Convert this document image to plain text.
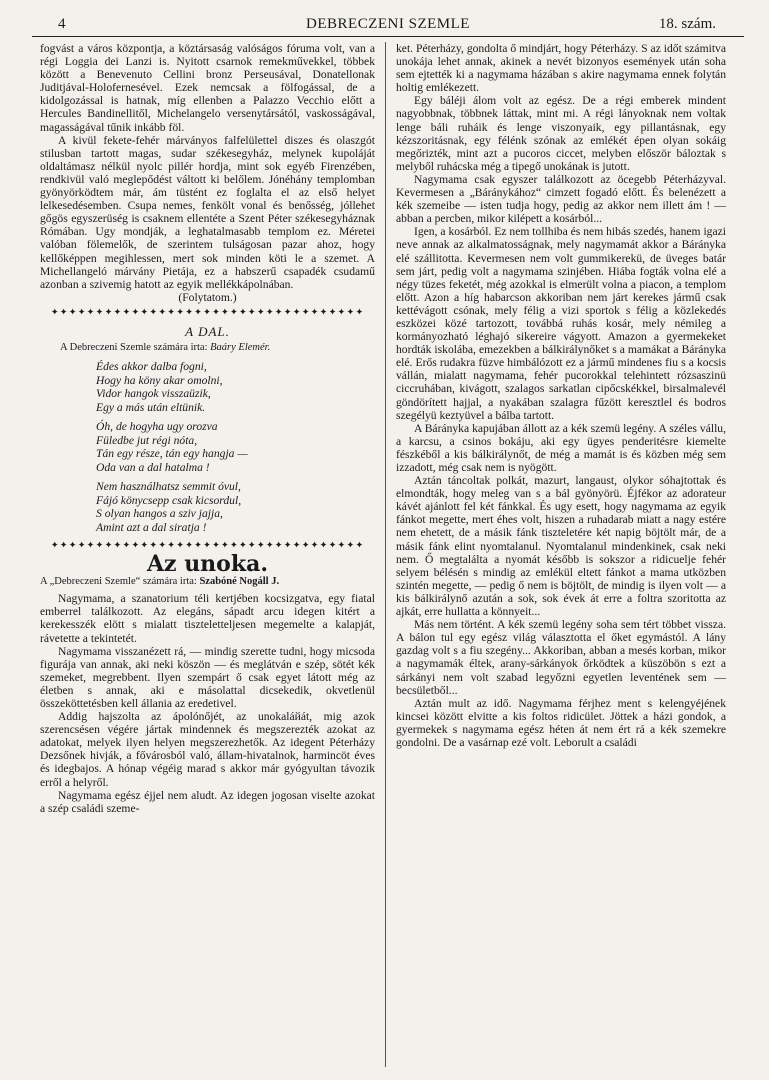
4	DEBRECZENI SZEMLE	18. szám.

fogvást a város központja, a köztársaság valóságos fóruma volt, van a régi Loggia dei Lanzi is. Nyitott csarnok remekművekkel, többek között a Benevenuto Cellini bronz Perseusával, Donatellonak Juditjával-Holofernesével. Ezek nemcsak a fölfogással, de a kidolgozással is hatnak, míg ellenben a Palazzo Vecchio előtt a Hercules Bandinellitől, Michelangelo versenytársától, vaskosságával, magasságával tűnik inkább föl.

A kivül fekete-fehér márványos falfelülettel diszes és olaszgót stilusban tartott magas, sudar székesegyház, melynek kupoláját oldaltámasz nélkül nyolc pillér hordja, mint sok egyéb Firenzében, rendkivül való meglepődést váltott ki belőlem. Jónéhány templomban gyönyörködtem már, ám tüstént ez foglalta el az első helyet lelkesedésemben. Csupa nemes, fenkölt vonal és benősség, jóllehet gőgös egyszerüség is csaknem ellentéte a Szent Péter székesegyháznak Rómában. Ugy mondják, a leghatalmasabb templom ez. Méretei valóban fölemelők, de szerintem tulságosan pazar ahoz, hogy kellőképpen megihlessen, mert sok minden köti le a szemet. A Michellangeló márvány Pietája, ez a habszerű csapadék csudamű azonban a szivemig hatott az egyik mellékkápolnában.

(Folytatom.)

✦✦✦✦✦✦✦✦✦✦✦✦✦✦✦✦✦✦✦✦✦✦✦✦✦✦✦✦✦✦✦✦✦✦✦
A DAL.
A Debreczeni Szemle számára irta: Baáry Elemér.
Édes akkor dalba fogni,
Hogy ha köny akar omolni,
Vidor hangok visszaüzik,
Egy a más után eltünik.
Óh, de hogyha ugy orozva
Füledbe jut régi nóta,
Tán egy része, tán egy hangja —
Oda van a dal hatalma !
Nem használhatsz semmit óvul,
Fájó könycsepp csak kicsordul,
S olyan hangos a sziv jajja,
Amint azt a dal siratja !
✦✦✦✦✦✦✦✦✦✦✦✦✦✦✦✦✦✦✦✦✦✦✦✦✦✦✦✦✦✦✦✦✦✦✦
Az unoka.
A „Debreczeni Szemle“ számára irta: Szabóné Nogáll J.

Nagymama, a szanatorium téli kertjében kocsizgatva, egy fiatal emberrel találkozott. Az elegáns, sápadt arcu idegen kitért a kerekesszék elött s mialatt tiszteletteljesen megemelte a kalapját, rávetette a tekintetét.

Nagymama visszanézett rá, — mindig szerette tudni, hogy micsoda figurája van annak, aki neki köszön — és meglátván e szép, sötét kék szemeket, megrebbent. Ilyen szempárt ő csak egyet látott még az életben s annak, aki e másolattal dicsekedik, okvetlenül összeköttetésben kell állania az eredetivel.

Addig hajszolta az ápolónőjét, az unokaláйát, mig azok szerencsésen végére jártak mindennek és megszerezték azokat az adatokat, melyek ilyen helyen megszerezhetők. Az idegent Péterházy Dezsőnek hivják, a fővárosból való, állam-hivatalnok, harmincöt éves és idegbajos. A hónap végéig marad s akkor már gyógyultan távozik erről a helyről.

Nagymama egész éjjel nem aludt. Az idegen jogosan viselte azokat a szép családi szeme-

ket. Péterházy, gondolta ő mindjárt, hogy Péterházy. S az időt számitva unokája lehet annak, akinek a nevét bizonyos események után soha sem ejtették ki a nagymama házában s akire nagymama ennek folytán holtig emlékezett.

Egy báléji álom volt az egész. De a régi emberek mindent nagyobbnak, többnek láttak, mint mi. A régi lányoknak nem voltak lenge báli ruháik és lenge viszonyaik, egy pillantásnak, egy kézszoritásnak, egy félénk szónak az emlékét épen olyan sokáig megőrizték, mint azt a pucoros ciccet, melyben először báloztak s melyből ruhácska még a tipegő unokának is jutott.

Nagymama csak egyszer találkozott az öcegebb Péterházyval. Kevermesen a „Báránykához“ cimzett fogadó előtt. És belenézett a kék szemeibe — isten tudja hogy, pedig az akkor nem illett ám ! — abban a percben, mikor kilépett a kosárból...

Igen, a kosárból. Ez nem tollhiba és nem hibás szedés, hanem igazi neve annak az alkalmatosságnak, mely nagymamát akkor a Bárányka elé szállitotta. Kevermesen nem volt gummikerekü, de üveges batár sem járt, pedig volt a nagymama szinjében. Hiába fogták volna elé a négy tüzes feketét, még azokkal is elmerült volna a piacon, a templom előtt. Azon a híg habarcson akkoriban nem járt kerekes jármű csak kettévágott csónak, mely félig a vizi sportok s félig a közlekedés eszközei közé tartozott, továbbá ruhás kosár, mely némileg a kormányozható léghajó sikereire vágyott. Amazon a gyermekeket hordták iskolába, emezekben a bálkirálynőket s a mamákat a Bárányka elé. Erős rudakra füzve himbálózott ez a jármű mindenes fiu s a kocsis vállán, mialatt nagymama, fehér pucorokkal telehintett rózsaszinü ciccruhában, kivágott, szalagos sarkatlan cipőcskékkel, birsalmalevél göndörített hajjal, a nyakában szalagra fűzött keresztlel és bodros szegélyü keztyüvel a bálba tartott.

A Bárányka kapujában állott az a kék szemü legény. A széles vállu, a karcsu, a csinos bokáju, aki egy ügyes penderitésre kiemelte fészkéből a kis bálkirálynőt, de még a mamát is és közben még sem izzadott, még csak nem is nyögött.

Aztán táncoltak polkát, mazurt, langaust, olykor sóhajtottak és elmondták, hogy meleg van s a bál gyönyörü. Éjfékor az adorateur kávét ajánlott fel két fánkkal. És ugy esett, hogy nagymama az egyik fánkot megette, mert éhes volt, hiszen a ruhadarab miatt a nagy estére nem ehetett, de a másik fánk tiszteletére két napig böjtölt már, de a másik fánk elint nyomtalanul. Nyomtalanul mindenkinek, csak neki nem. Ő megtalálta a nyomát később is sokszor a ridicuelje fehér selyem bélésén s mindig az emlékül eltett fánkot a mama utközben szintén megette, — pedig ő nem is böjtölt, de mindig is ilyen volt — a kis bálkirálynő azután a sok, sok évek át erre a foltra szoritotta az ajkát, erre hullatta a könnyeit...

Más nem történt. A kék szemü legény soha sem tért többet vissza. A bálon tul egy egész világ választotta el őket egymástól. A lány gazdag volt s a fiu szegény... Akkoriban, abban a mesés korban, mikor a nagymamák éltek, arany-sárkányok őrködtek a küszöbön s ezt a sárkányi nem volt szabad legyőzni egyetlen leventének sem — becsületből...

Aztán mult az idő. Nagymama férjhez ment s kelengyéjének kincsei között elvitte a kis foltos ridicület. Jöttek a házi gondok, a gyermekek s nagymama egész héten át nem ért rá a kék szemekre gondolni. De a vasárnap ezé volt. Leborult a családi
